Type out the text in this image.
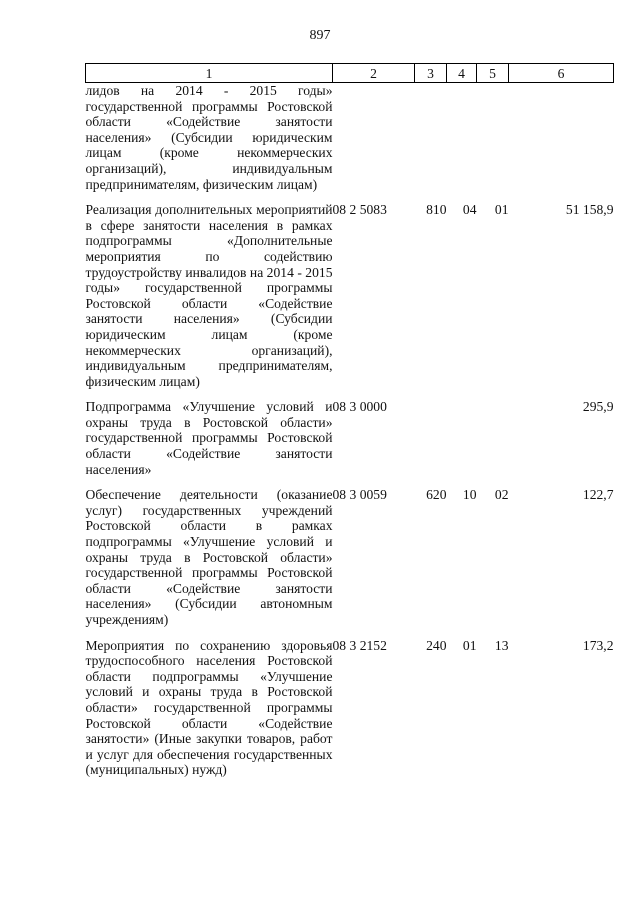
897
1	2	3	4	5	6
лидов на 2014 - 2015 годы» государственной программы Ростовской области «Содействие занятости населения» (Субсидии юридическим лицам (кроме некоммерческих организаций), индивидуальным предпринимателям, физическим лицам)					

Реализация дополнительных мероприятий в сфере занятости населения в рамках подпрограммы «Дополнительные мероприятия по содействию трудоустройству инвалидов на 2014 - 2015 годы» государственной программы Ростовской области «Содействие занятости населения» (Субсидии юридическим лицам (кроме некоммерческих организаций), индивидуальным предпринимателям, физическим лицам)	08 2 5083	810	04	01	51 158,9

Подпрограмма «Улучшение условий и охраны труда в Ростовской области» государственной программы Ростовской области «Содействие занятости населения»	08 3 0000				295,9

Обеспечение деятельности (оказание услуг) государственных учреждений Ростовской области в рамках подпрограммы «Улучшение условий и охраны труда в Ростовской области» государственной программы Ростовской области «Содействие занятости населения» (Субсидии автономным учреждениям)	08 3 0059	620	10	02	122,7

Мероприятия по сохранению здоровья трудоспособного населения Ростовской области подпрограммы «Улучшение условий и охраны труда в Ростовской области» государственной программы Ростовской области «Содействие занятости» (Иные закупки товаров, работ и услуг для обеспечения государственных (муниципальных) нужд)	08 3 2152	240	01	13	173,2
